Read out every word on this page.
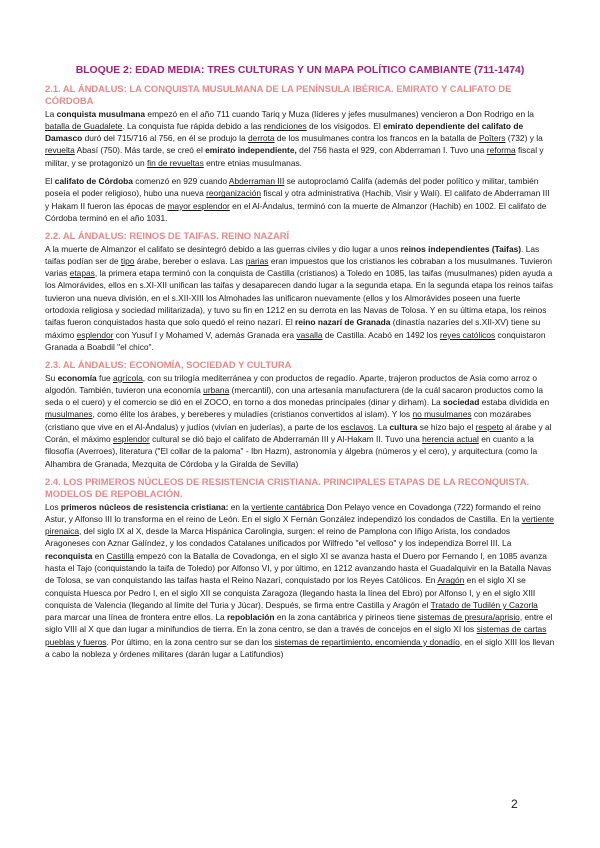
BLOQUE 2: EDAD MEDIA: TRES CULTURAS Y UN MAPA POLÍTICO CAMBIANTE (711-1474)
2.1. AL ÁNDALUS: LA CONQUISTA MUSULMANA DE LA PENÍNSULA IBÉRICA. EMIRATO Y CALIFATO DE CÓRDOBA

La conquista musulmana empezó en el año 711 cuando Tariq y Muza (líderes y jefes musulmanes) vencieron a Don Rodrigo en la batalla de Guadalete. La conquista fue rápida debido a las rendiciones de los visigodos. El emirato dependiente del califato de Damasco duró del 715/716 al 756, en él se produjo la derrota de los musulmanes contra los francos en la batalla de Poîters (732) y la revuelta Abasí (750). Más tarde, se creó el emirato independiente, del 756 hasta el 929, con Abderraman I. Tuvo una reforma fiscal y militar, y se protagonizó un fin de revueltas entre etnias musulmanas.

El califato de Córdoba comenzó en 929 cuando Abderraman III se autoproclamó Califa (además del poder político y militar, también poseía el poder religioso), hubo una nueva reorganización fiscal y otra administrativa (Hachib, Visir y Walí). El califato de Abderraman III y Hakam II fueron las épocas de mayor esplendor en el Al-Ándalus, terminó con la muerte de Almanzor (Hachib) en 1002. El califato de Córdoba terminó en el año 1031.

2.2. AL ÁNDALUS: REINOS DE TAIFAS. REINO NAZARÍ

A la muerte de Almanzor el califato se desintegró debido a las guerras civiles y dio lugar a unos reinos independientes (Taifas). Las taifas podían ser de tipo árabe, bereber o eslava. Las parias eran impuestos que los cristianos les cobraban a los musulmanes. Tuvieron varias etapas, la primera etapa terminó con la conquista de Castilla (cristianos) a Toledo en 1085, las taifas (musulmanes) piden ayuda a los Almorávides, ellos en s.XI-XII unifican las taifas y desaparecen dando lugar a la segunda etapa. En la segunda etapa los reinos taifas tuvieron una nueva división, en el s.XII-XIII los Almohades las unificaron nuevamente (ellos y los Almorávides poseen una fuerte ortodoxia religiosa y sociedad militarizada), y tuvo su fin en 1212 en su derrota en las Navas de Tolosa. Y en su última etapa, los reinos taifas fueron conquistados hasta que solo quedó el reino nazarí. El reino nazarí de Granada (dinastía nazaríes del s.XII-XV) tiene su máximo esplendor con Yusuf I y Mohamed V, además Granada era vasalla de Castilla. Acabó en 1492 los reyes católicos conquistaron Granada a Boabdil "el chico".

2.3. AL ÁNDALUS: ECONOMÍA, SOCIEDAD Y CULTURA

Su economía fue agrícola, con su trilogía mediterránea y con productos de regadío. Aparte, trajeron productos de Asia como arroz o algodón. También, tuvieron una economía urbana (mercantil), con una artesanía manufacturera (de la cuál sacaron productos como la seda o el cuero) y el comercio se dió en el ZOCO, en torno a dos monedas principales (dinar y dirham). La sociedad estaba dividida en musulmanes, como élite los árabes, y bereberes y muladíes (cristianos convertidos al islam). Y los no musulmanes con mozárabes (cristiano que vive en el Al-Ándalus) y judíos (vivían en juderías), a parte de los esclavos. La cultura se hizo bajo el respeto al árabe y al Corán, el máximo esplendor cultural se dió bajo el califato de Abderramán III y Al-Hakam II. Tuvo una herencia actual en cuanto a la filosofía (Averroes), literatura ("El collar de la paloma" - Ibn Hazm), astronomía y álgebra (números y el cero), y arquitectura (como la Alhambra de Granada, Mezquita de Córdoba y la Giralda de Sevilla)

2.4. LOS PRIMEROS NÚCLEOS DE RESISTENCIA CRISTIANA. PRINCIPALES ETAPAS DE LA RECONQUISTA. MODELOS DE REPOBLACIÓN.

Los primeros núcleos de resistencia cristiana: en la vertiente cantábrica Don Pelayo vence en Covadonga (722) formando el reino Astur, y Alfonso III lo transforma en el reino de León. En el siglo X Fernán González independizó los condados de Castilla. En la vertiente pirenaica, del siglo IX al X, desde la Marca Hispánica Carolingia, surgen: el reino de Pamplona con Iñigo Arista, los condados Aragoneses con Aznar Galíndez, y los condados Catalanes unificados por Wilfredo "el velloso" y los independiza Borrel III. La reconquista en Castilla empezó con la Batalla de Covadonga, en el siglo XI se avanza hasta el Duero por Fernando I, en 1085 avanza hasta el Tajo (conquistando la taifa de Toledo) por Alfonso VI, y por último, en 1212 avanzando hasta el Guadalquivir en la Batalla Navas de Tolosa, se van conquistando las taifas hasta el Reino Nazarí, conquistado por los Reyes Católicos. En Aragón en el siglo XI se conquista Huesca por Pedro I, en el siglo XII se conquista Zaragoza (llegando hasta la línea del Ebro) por Alfonso I, y en el siglo XIII conquista de Valencia (llegando al límite del Turia y Júcar). Después, se firma entre Castilla y Aragón el Tratado de Tudilén y Cazorla para marcar una línea de frontera entre ellos. La repoblación en la zona cantábrica y pirineos tiene sistemas de presura/aprisio, entre el siglo VIII al X que dan lugar a minifundios de tierra. En la zona centro, se dan a través de concejos en el siglo XI los sistemas de cartas pueblas y fueros. Por último, en la zona centro sur se dan los sistemas de repartimiento, encomienda y donadío, en el siglo XIII los llevan a cabo la nobleza y órdenes militares (darán lugar a Latifundios)

2
